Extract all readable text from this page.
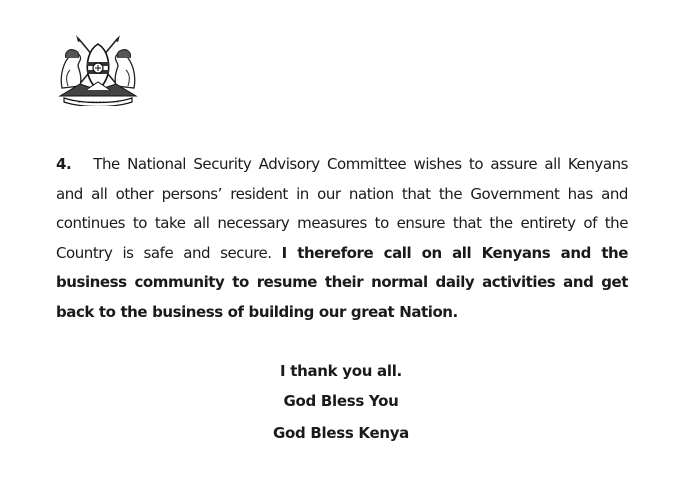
4. The National Security Advisory Committee wishes to assure all Kenyans and all other persons’ resident in our nation that the Government has and continues to take all necessary measures to ensure that the entirety of the Country is safe and secure. I therefore call on all Kenyans and the business community to resume their normal daily activities and get back to the business of building our great Nation.

I thank you all.

God Bless You

God Bless Kenya
